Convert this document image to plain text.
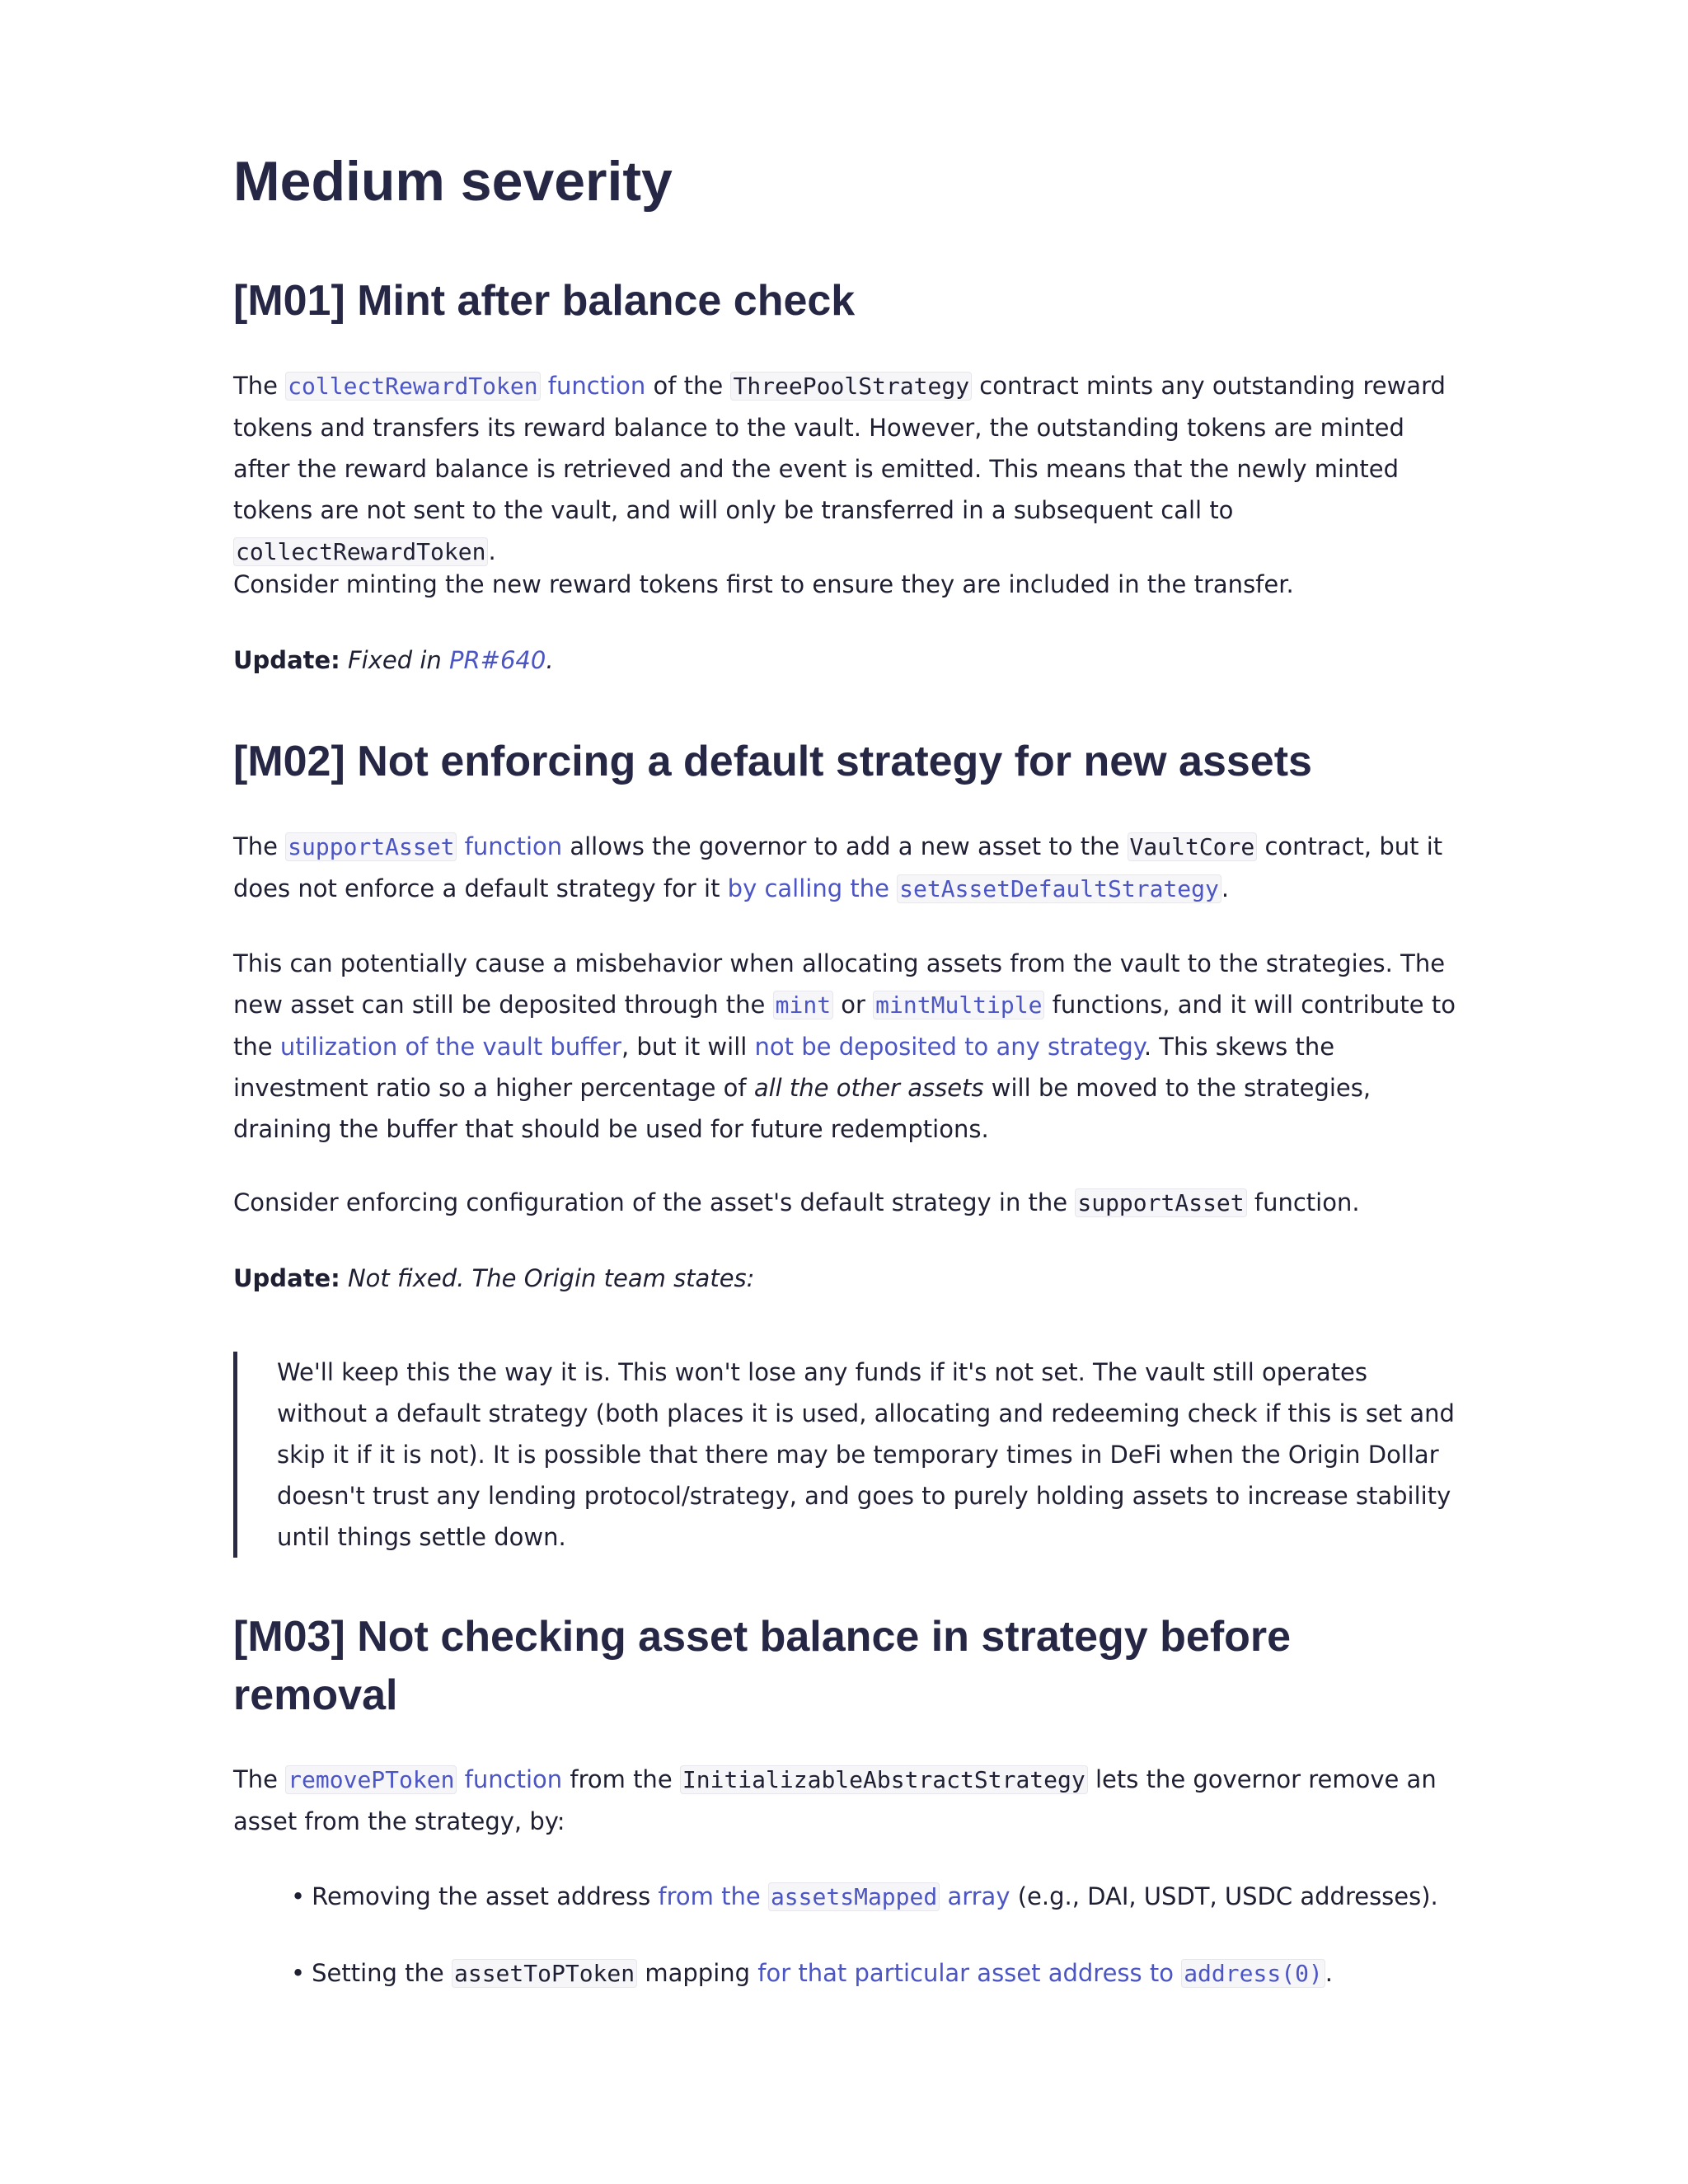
Medium severity
[M01] Mint after balance check

The collectRewardToken function of the ThreePoolStrategy contract mints any outstanding reward tokens and transfers its reward balance to the vault. However, the outstanding tokens are minted after the reward balance is retrieved and the event is emitted. This means that the newly minted tokens are not sent to the vault, and will only be transferred in a subsequent call to collectRewardToken .

Consider minting the new reward tokens first to ensure they are included in the transfer.

Update: Fixed in PR#640.

[M02] Not enforcing a default strategy for new assets

The supportAsset function allows the governor to add a new asset to the VaultCore contract, but it does not enforce a default strategy for it by calling the setAssetDefaultStrategy .

This can potentially cause a misbehavior when allocating assets from the vault to the strategies. The new asset can still be deposited through the mint or mintMultiple functions, and it will contribute to the utilization of the vault buffer, but it will not be deposited to any strategy. This skews the investment ratio so a higher percentage of all the other assets will be moved to the strategies, draining the buffer that should be used for future redemptions.

Consider enforcing configuration of the asset's default strategy in the supportAsset function.

Update: Not fixed. The Origin team states:

We'll keep this the way it is. This won't lose any funds if it's not set. The vault still operates without a default strategy (both places it is used, allocating and redeeming check if this is set and skip it if it is not). It is possible that there may be temporary times in DeFi when the Origin Dollar doesn't trust any lending protocol/strategy, and goes to purely holding assets to increase stability until things settle down.
[M03] Not checking asset balance in strategy before removal

The removePToken function from the InitializableAbstractStrategy lets the governor remove an asset from the strategy, by:

• Removing the asset address from the assetsMapped array (e.g., DAI, USDT, USDC addresses).
• Setting the assetToPToken mapping for that particular asset address to address(0) .
